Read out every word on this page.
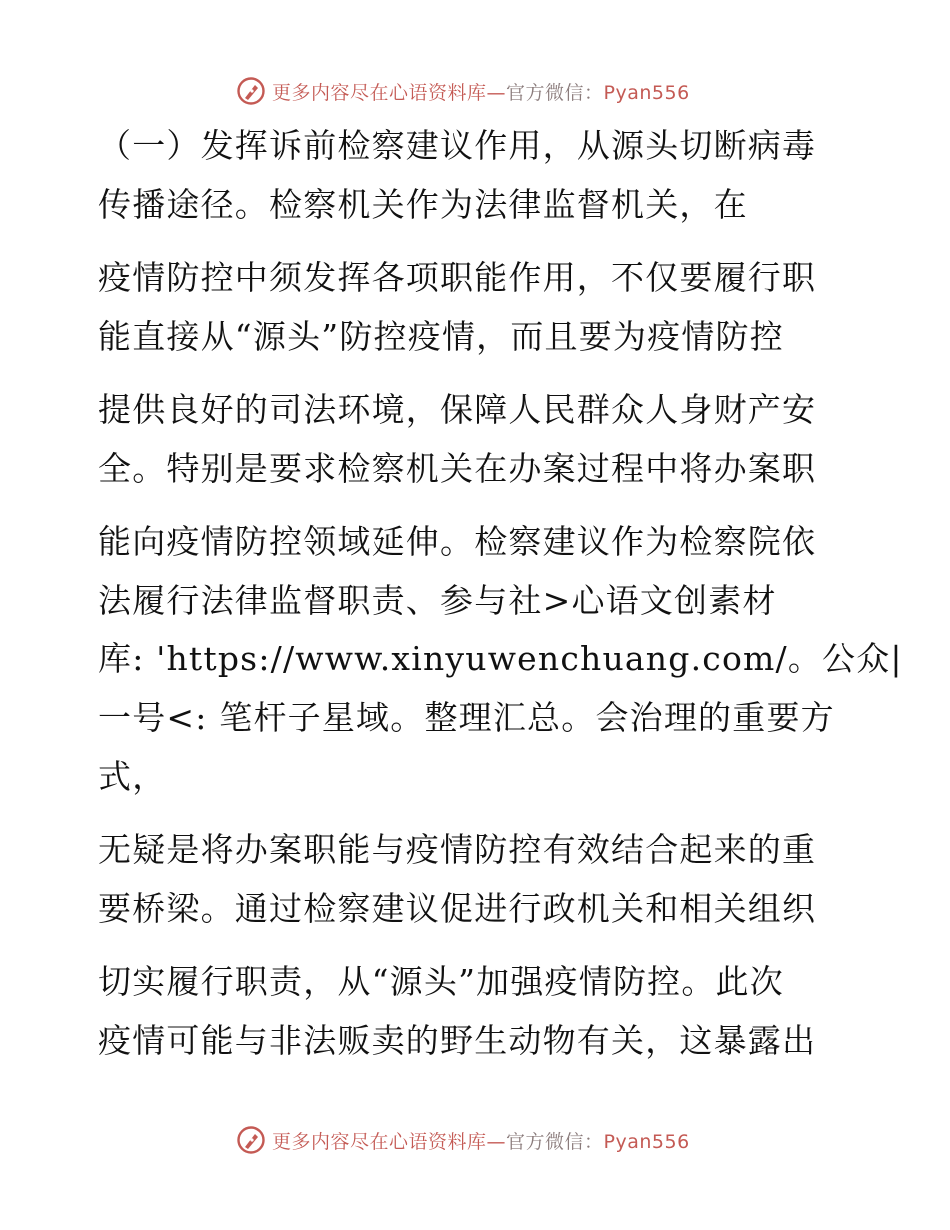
更多内容尽在心语资料库—官方微信：Pyan556
（一）发挥诉前检察建议作用，从源头切断病毒
传播途径。检察机关作为法律监督机关，在
疫情防控中须发挥各项职能作用，不仅要履行职
能直接从“源头”防控疫情，而且要为疫情防控
提供良好的司法环境，保障人民群众人身财产安
全。特别是要求检察机关在办案过程中将办案职
能向疫情防控领域延伸。检察建议作为检察院依
法履行法律监督职责、参与社>心语文创素材
库: 'https://www.xinyuwenchuang.com/。公众|
一号<: 笔杆子星域。整理汇总。会治理的重要方
式，
无疑是将办案职能与疫情防控有效结合起来的重
要桥梁。通过检察建议促进行政机关和相关组织
切实履行职责，从“源头”加强疫情防控。此次
疫情可能与非法贩卖的野生动物有关，这暴露出
更多内容尽在心语资料库—官方微信：Pyan556
